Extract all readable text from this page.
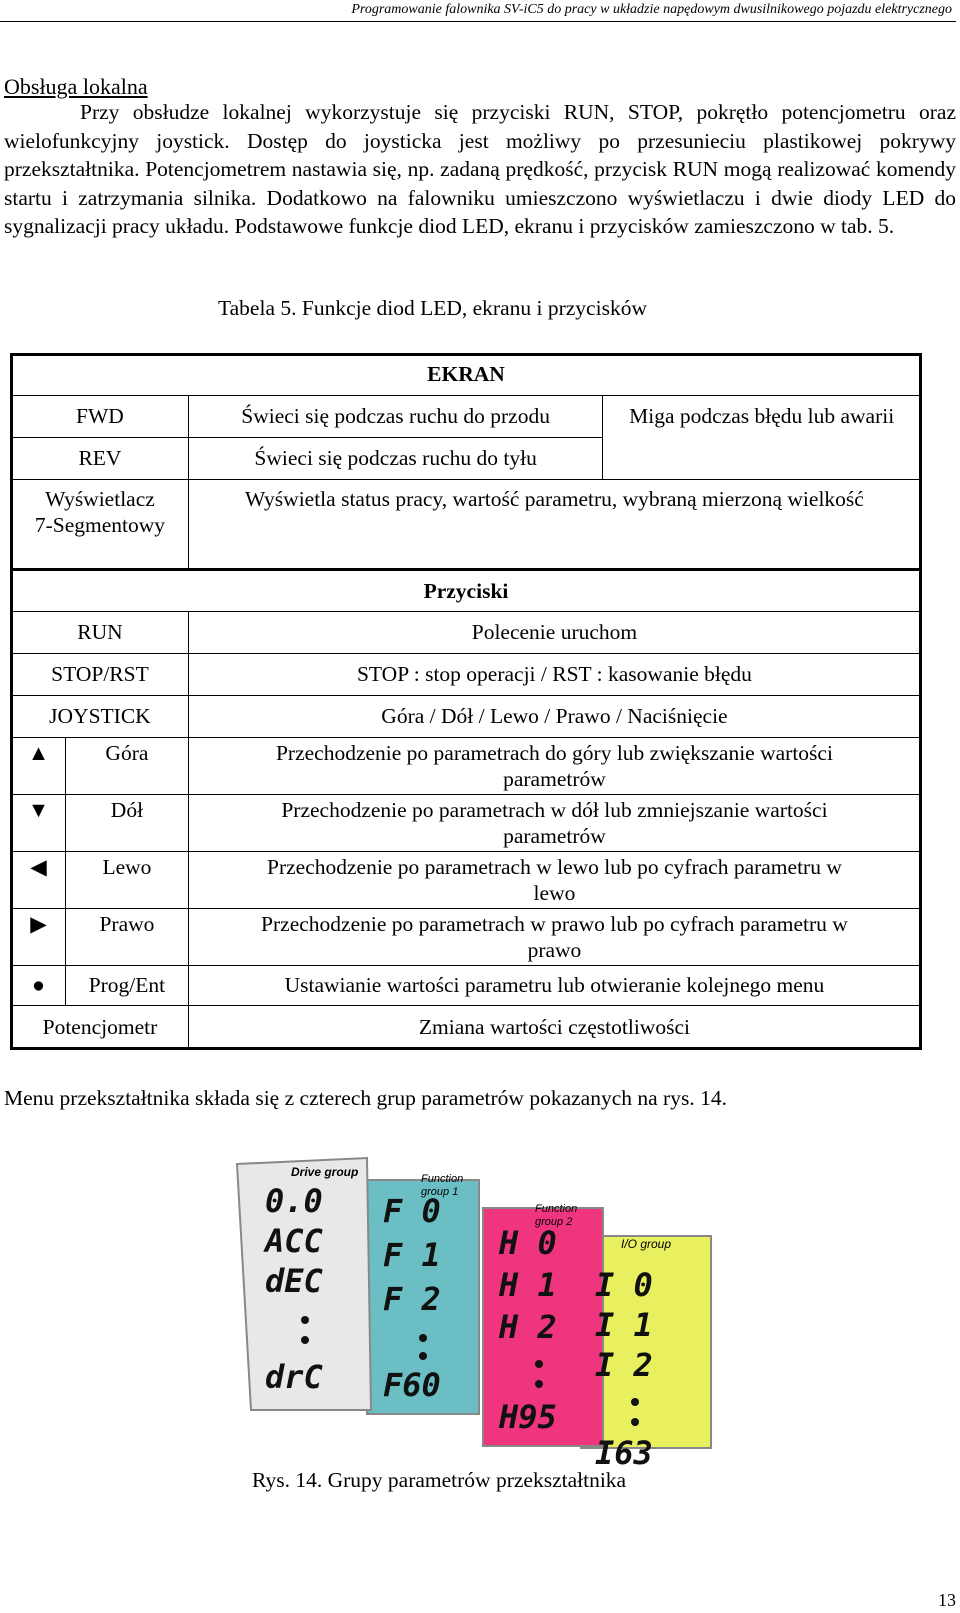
Programowanie falownika SV-iC5 do pracy w układzie napędowym dwusilnikowego pojazdu elektrycznego
Obsługa lokalna
Przy obsłudze lokalnej wykorzystuje się przyciski RUN, STOP, pokrętło potencjometru oraz wielofunkcyjny joystick. Dostęp do joysticka jest możliwy po przesunieciu plastikowej pokrywy przekształtnika. Potencjometrem nastawia się, np. zadaną prędkość, przycisk RUN mogą realizować komendy startu i zatrzymania silnika. Dodatkowo na falowniku umieszczono wyświetlaczu i dwie diody LED do sygnalizacji pracy układu. Podstawowe funkcje diod LED, ekranu i przycisków zamieszczono w tab. 5.
Tabela 5. Funkcje diod LED, ekranu i przycisków
EKRAN			
FWD		Świeci się podczas ruchu do przodu	Miga podczas błędu lub awarii
REV		Świeci się podczas ruchu do tyłu	
Wyświetlacz
7-Segmentowy		Wyświetla status pracy, wartość parametru, wybraną mierzoną wielkość	
Przyciski			
RUN		Polecenie uruchom	
STOP/RST		STOP : stop operacji / RST : kasowanie błędu	
JOYSTICK		Góra / Dół / Lewo / Prawo / Naciśnięcie	
▲	Góra	Przechodzenie po parametrach do góry lub zwiększanie wartości
parametrów	
▼	Dół	Przechodzenie po parametrach w dół lub zmniejszanie wartości
parametrów	
◀	Lewo	Przechodzenie po parametrach w lewo lub po cyfrach parametru w
lewo	
▶	Prawo	Przechodzenie po parametrach w prawo lub po cyfrach parametru w
prawo	
●	Prog/Ent	Ustawianie wartości parametru lub otwieranie kolejnego menu	
Potencjometr		Zmiana wartości częstotliwości	
Menu przekształtnika składa się z czterech grup parametrów pokazanych na rys. 14.
I/O group
Function
group 2
Function
group 1
Drive group
0.0
ACC
dEC
drC
F 0
F 1
F 2
F60
H 0
H 1
H 2
H95
I 0
I 1
I 2
I63
Rys. 14. Grupy parametrów przekształtnika
13
